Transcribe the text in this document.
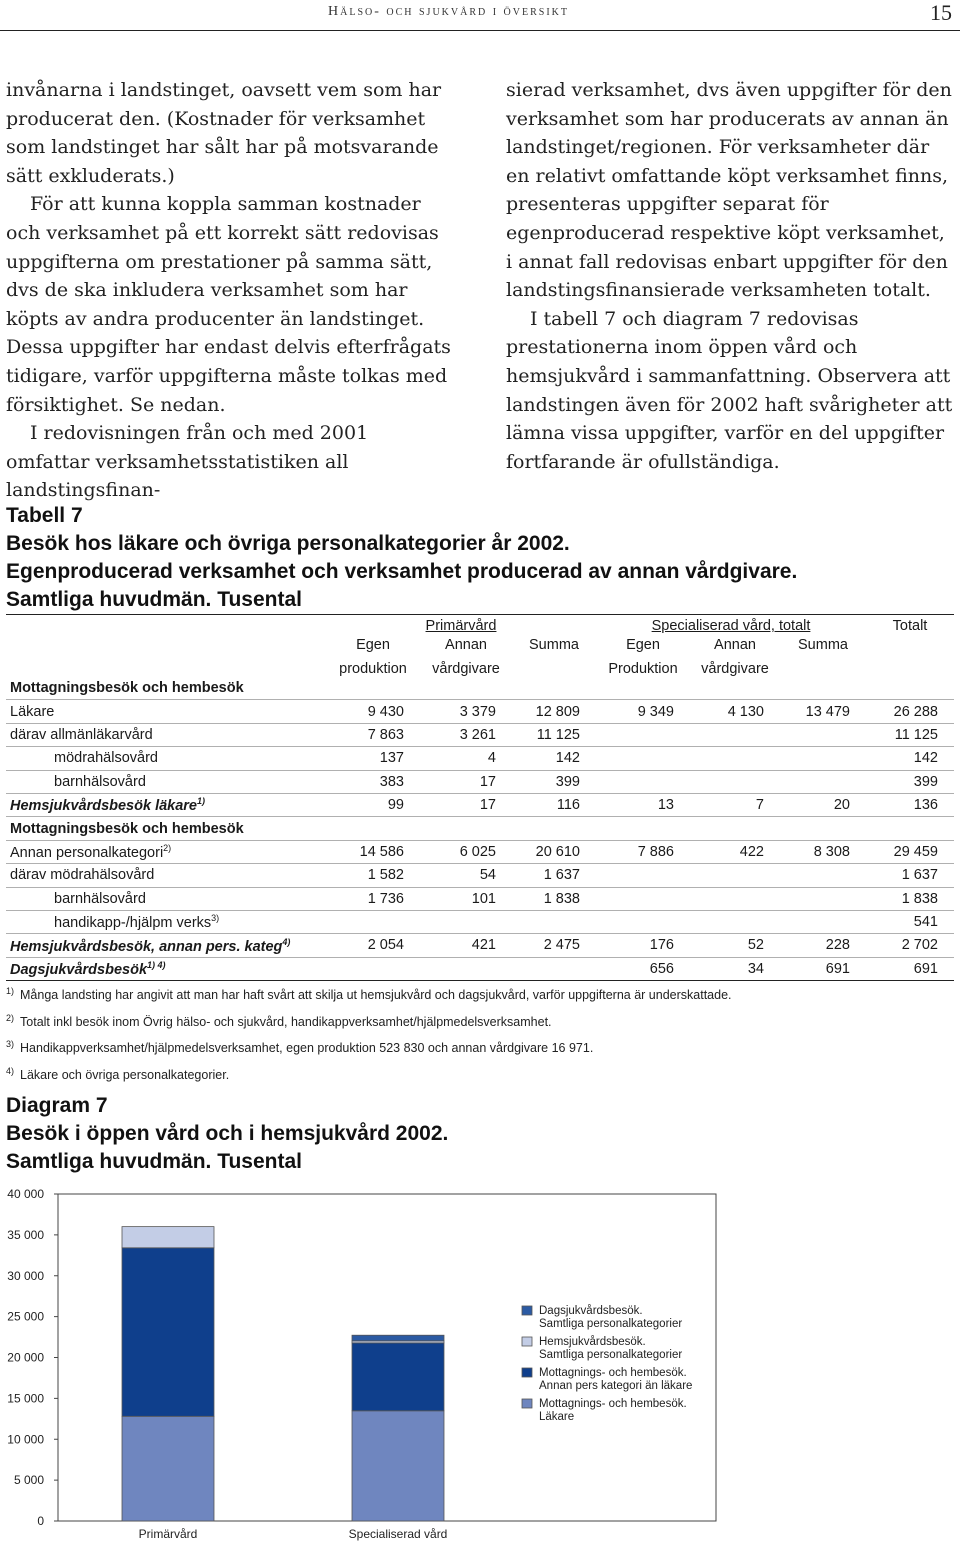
Hälso- och sjukvård i översikt	15

invånarna i landstinget, oavsett vem som har producerat den. (Kostnader för verksamhet som landstinget har sålt har på motsvarande sätt exkluderats.)

För att kunna koppla samman kostnader och verksamhet på ett korrekt sätt redovisas uppgifterna om prestationer på samma sätt, dvs de ska inkludera verksamhet som har köpts av andra producenter än landstinget. Dessa uppgifter har endast delvis efterfrågats tidigare, varför uppgifterna måste tolkas med försiktighet. Se nedan.

I redovisningen från och med 2001 omfattar verksamhetsstatistiken all landstingsfinan-

sierad verksamhet, dvs även uppgifter för den verksamhet som har producerats av annan än landstinget/regionen. För verksamheter där en relativt omfattande köpt verksamhet finns, presenteras uppgifter separat för egenproducerad respektive köpt verksamhet, i annat fall redovisas enbart uppgifter för den landstingsfinansierade verksamheten totalt.

I tabell 7 och diagram 7 redovisas prestationerna inom öppen vård och hemsjukvård i sammanfattning. Observera att landstingen även för 2002 haft svårigheter att lämna vissa uppgifter, varför en del uppgifter fortfarande är ofullständiga.

Tabell 7
Besök hos läkare och övriga personalkategorier år 2002.
Egenproducerad verksamhet och verksamhet producerad av annan vårdgivare.
Samtliga huvudmän. Tusental
	Primärvård			Specialiserad vård, totalt			Totalt
	Egen	Annan	Summa	Egen	Annan	Summa	
	produktion	vårdgivare		Produktion	vårdgivare		
Mottagningsbesök och hembesök							
Läkare	9 430	3 379	12 809	9 349	4 130	13 479	26 288
därav allmänläkarvård	7 863	3 261	11 125				11 125
mödrahälsovård	137	4	142				142
barnhälsovård	383	17	399				399
Hemsjukvårdsbesök läkare$^{1)}$	99	17	116	13	7	20	136
Mottagningsbesök och hembesök							
Annan personalkategori$^{2)}$	14 586	6 025	20 610	7 886	422	8 308	29 459
därav mödrahälsovård	1 582	54	1 637				1 637
barnhälsovård	1 736	101	1 838				1 838
handikapp-/hjälpm verks$^{3)}$							541
Hemsjukvårdsbesök, annan pers. kateg$^{4)}$	2 054	421	2 475	176	52	228	2 702
Dagsjukvårdsbesök$^{1) 4)}$				656	34	691	691
$^{1)}$ Många landsting har angivit att man har haft svårt att skilja ut hemsjukvård och dagsjukvård, varför uppgifterna är underskattade.
$^{2)}$ Totalt inkl besök inom Övrig hälso- och sjukvård, handikappverksamhet/hjälpmedelsverksamhet.
$^{3)}$ Handikappverksamhet/hjälpmedelsverksamhet, egen produktion 523 830 och annan vårdgivare 16 971.
$^{4)}$ Läkare och övriga personalkategorier.
Diagram 7
Besök i öppen vård och i hemsjukvård 2002.
Samtliga huvudmän. Tusental
0
5 000
10 000
15 000
20 000
25 000
30 000
35 000
40 000
Primärvård	Specialiserad vård
Dagsjukvårdsbesök.
Samtliga personalkategorier
Hemsjukvårdsbesök.
Samtliga personalkategorier
Mottagnings- och hembesök.
Annan pers kategori än läkare
Mottagnings- och hembesök.
Läkare
